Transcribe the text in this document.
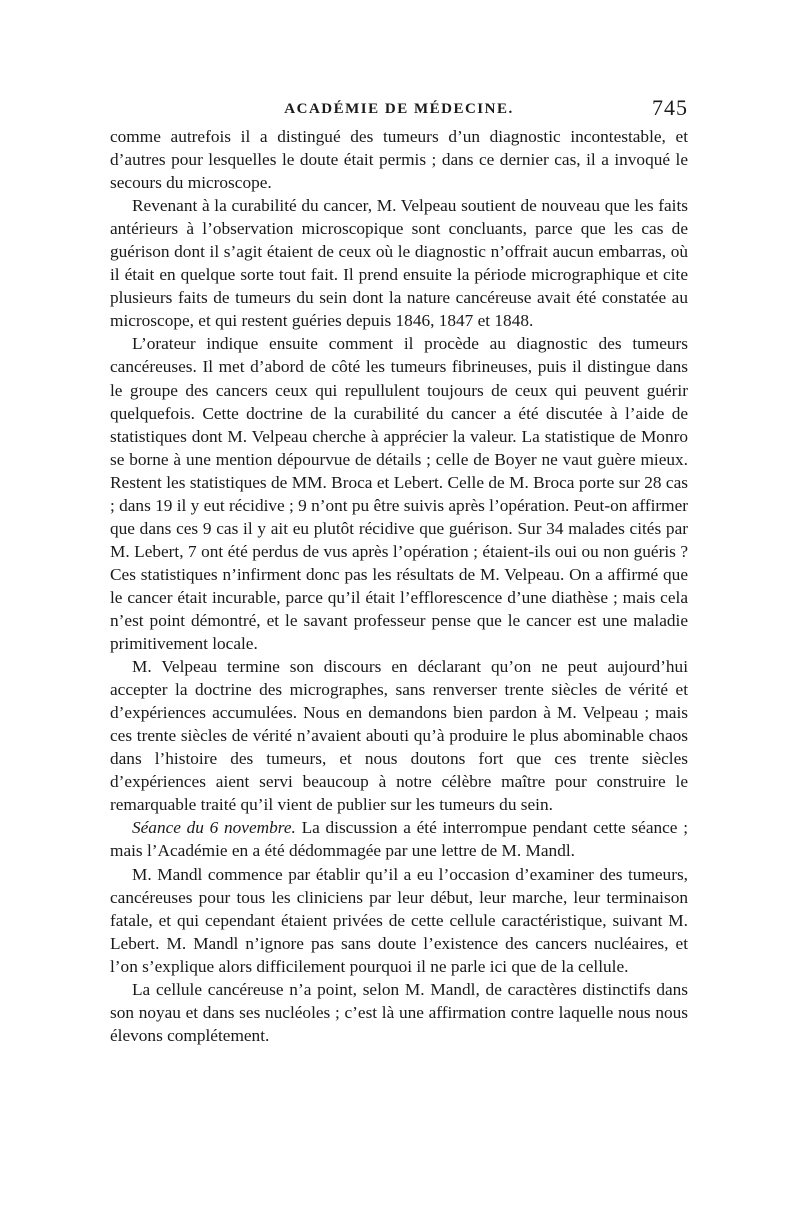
ACADÉMIE DE MÉDECINE.	745

comme autrefois il a distingué des tumeurs d’un diagnostic incontestable, et d’autres pour lesquelles le doute était permis ; dans ce dernier cas, il a invoqué le secours du microscope.

Revenant à la curabilité du cancer, M. Velpeau soutient de nouveau que les faits antérieurs à l’observation microscopique sont concluants, parce que les cas de guérison dont il s’agit étaient de ceux où le diagnostic n’offrait aucun embarras, où il était en quelque sorte tout fait. Il prend ensuite la période micrographique et cite plusieurs faits de tumeurs du sein dont la nature cancéreuse avait été constatée au microscope, et qui restent guéries depuis 1846, 1847 et 1848.

L’orateur indique ensuite comment il procède au diagnostic des tumeurs cancéreuses. Il met d’abord de côté les tumeurs fibrineuses, puis il distingue dans le groupe des cancers ceux qui repullulent toujours de ceux qui peuvent guérir quelquefois. Cette doctrine de la curabilité du cancer a été discutée à l’aide de statistiques dont M. Velpeau cherche à apprécier la valeur. La statistique de Monro se borne à une mention dépourvue de détails ; celle de Boyer ne vaut guère mieux. Restent les statistiques de MM. Broca et Lebert. Celle de M. Broca porte sur 28 cas ; dans 19 il y eut récidive ; 9 n’ont pu être suivis après l’opération. Peut-on affirmer que dans ces 9 cas il y ait eu plutôt récidive que guérison. Sur 34 malades cités par M. Lebert, 7 ont été perdus de vus après l’opération ; étaient-ils oui ou non guéris ? Ces statistiques n’infirment donc pas les résultats de M. Velpeau. On a affirmé que le cancer était incurable, parce qu’il était l’efflorescence d’une diathèse ; mais cela n’est point démontré, et le savant professeur pense que le cancer est une maladie primitivement locale.

M. Velpeau termine son discours en déclarant qu’on ne peut aujourd’hui accepter la doctrine des micrographes, sans renverser trente siècles de vérité et d’expériences accumulées. Nous en demandons bien pardon à M. Velpeau ; mais ces trente siècles de vérité n’avaient abouti qu’à produire le plus abominable chaos dans l’histoire des tumeurs, et nous doutons fort que ces trente siècles d’expériences aient servi beaucoup à notre célèbre maître pour construire le remarquable traité qu’il vient de publier sur les tumeurs du sein.

Séance du 6 novembre. La discussion a été interrompue pendant cette séance ; mais l’Académie en a été dédommagée par une lettre de M. Mandl.

M. Mandl commence par établir qu’il a eu l’occasion d’examiner des tumeurs, cancéreuses pour tous les cliniciens par leur début, leur marche, leur terminaison fatale, et qui cependant étaient privées de cette cellule caractéristique, suivant M. Lebert. M. Mandl n’ignore pas sans doute l’existence des cancers nucléaires, et l’on s’explique alors difficilement pourquoi il ne parle ici que de la cellule.

La cellule cancéreuse n’a point, selon M. Mandl, de caractères distinctifs dans son noyau et dans ses nucléoles ; c’est là une affirmation contre laquelle nous nous élevons complétement.
